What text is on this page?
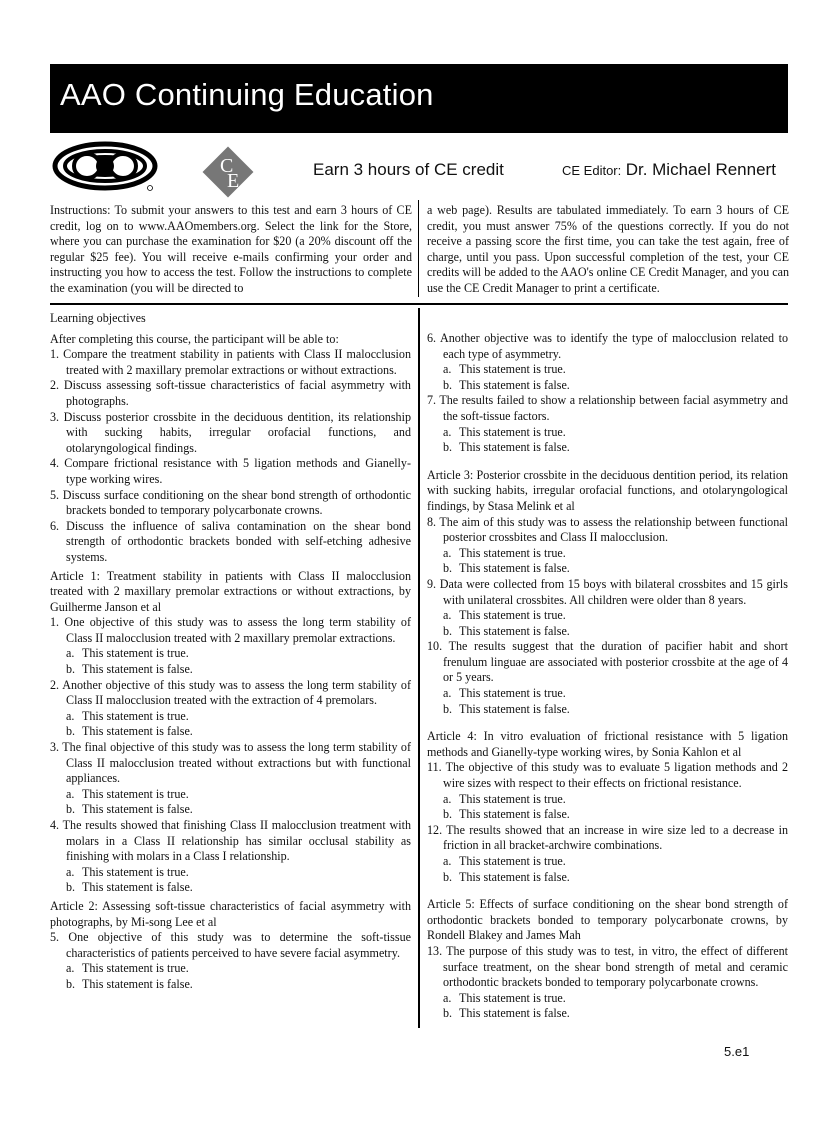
AAO Continuing Education
C
E
Earn 3 hours of CE credit	CE Editor: Dr. Michael Rennert

Instructions: To submit your answers to this test and earn 3 hours of CE credit, log on to www.AAOmembers.org. Select the link for the Store, where you can purchase the examination for $20 (a 20% discount off the regular $25 fee). You will receive e-mails confirming your order and instructing you how to access the test. Follow the instructions to complete the examination (you will be directed to

a web page). Results are tabulated immediately. To earn 3 hours of CE credit, you must answer 75% of the questions correctly. If you do not receive a passing score the first time, you can take the test again, free of charge, until you pass. Upon successful completion of the test, your CE credits will be added to the AAO's online CE Credit Manager, and you can use the CE Credit Manager to print a certificate.

Learning objectives

After completing this course, the participant will be able to:

1. Compare the treatment stability in patients with Class II malocclusion treated with 2 maxillary premolar extractions or without extractions.
2. Discuss assessing soft-tissue characteristics of facial asymmetry with photographs.
3. Discuss posterior crossbite in the deciduous dentition, its relationship with sucking habits, irregular orofacial functions, and otolaryngological findings.
4. Compare frictional resistance with 5 ligation methods and Gianelly-type working wires.
5. Discuss surface conditioning on the shear bond strength of orthodontic brackets bonded to temporary polycarbonate crowns.
6. Discuss the influence of saliva contamination on the shear bond strength of orthodontic brackets bonded with self-etching adhesive systems.

Article 1: Treatment stability in patients with Class II malocclusion treated with 2 maxillary premolar extractions or without extractions, by Guilherme Janson et al

1. One objective of this study was to assess the long term stability of Class II malocclusion treated with 2 maxillary premolar extractions.
a. This statement is true.
b. This statement is false.
2. Another objective of this study was to assess the long term stability of Class II malocclusion treated with the extraction of 4 premolars.
a. This statement is true.
b. This statement is false.
3. The final objective of this study was to assess the long term stability of Class II malocclusion treated without extractions but with functional appliances.
a. This statement is true.
b. This statement is false.
4. The results showed that finishing Class II malocclusion treatment with molars in a Class II relationship has similar occlusal stability as finishing with molars in a Class I relationship.
a. This statement is true.
b. This statement is false.

Article 2: Assessing soft-tissue characteristics of facial asymmetry with photographs, by Mi-song Lee et al

5. One objective of this study was to determine the soft-tissue characteristics of patients perceived to have severe facial asymmetry.
a. This statement is true.
b. This statement is false.
6. Another objective was to identify the type of malocclusion related to each type of asymmetry.
a. This statement is true.
b. This statement is false.
7. The results failed to show a relationship between facial asymmetry and the soft-tissue factors.
a. This statement is true.
b. This statement is false.

Article 3: Posterior crossbite in the deciduous dentition period, its relation with sucking habits, irregular orofacial functions, and otolaryngological findings, by Stasa Melink et al

8. The aim of this study was to assess the relationship between functional posterior crossbites and Class II malocclusion.
a. This statement is true.
b. This statement is false.
9. Data were collected from 15 boys with bilateral crossbites and 15 girls with unilateral crossbites. All children were older than 8 years.
a. This statement is true.
b. This statement is false.
10. The results suggest that the duration of pacifier habit and short frenulum linguae are associated with posterior crossbite at the age of 4 or 5 years.
a. This statement is true.
b. This statement is false.

Article 4: In vitro evaluation of frictional resistance with 5 ligation methods and Gianelly-type working wires, by Sonia Kahlon et al

11. The objective of this study was to evaluate 5 ligation methods and 2 wire sizes with respect to their effects on frictional resistance.
a. This statement is true.
b. This statement is false.
12. The results showed that an increase in wire size led to a decrease in friction in all bracket-archwire combinations.
a. This statement is true.
b. This statement is false.

Article 5: Effects of surface conditioning on the shear bond strength of orthodontic brackets bonded to temporary polycarbonate crowns, by Rondell Blakey and James Mah

13. The purpose of this study was to test, in vitro, the effect of different surface treatment, on the shear bond strength of metal and ceramic orthodontic brackets bonded to temporary polycarbonate crowns.
a. This statement is true.
b. This statement is false.
5.e1
